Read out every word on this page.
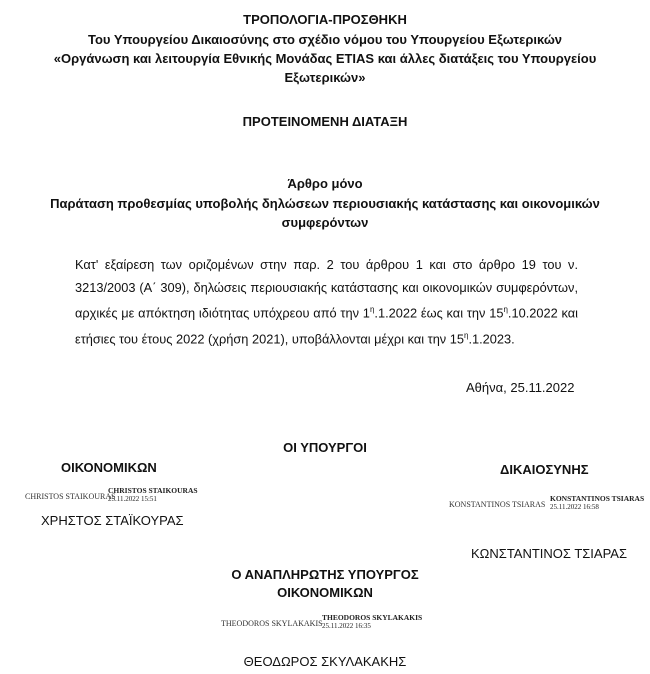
ΤΡΟΠΟΛΟΓΙΑ-ΠΡΟΣΘΗΚΗ
Του Υπουργείου Δικαιοσύνης στο σχέδιο νόμου του Υπουργείου Εξωτερικών
«Οργάνωση και λειτουργία Εθνικής Μονάδας ETIAS και άλλες διατάξεις του Υπουργείου
Εξωτερικών»
ΠΡΟΤΕΙΝΟΜΕΝΗ ΔΙΑΤΑΞΗ
Άρθρο μόνο
Παράταση προθεσμίας υποβολής δηλώσεων περιουσιακής κατάστασης και οικονομικών
συμφερόντων
Κατ' εξαίρεση των οριζομένων στην παρ. 2 του άρθρου 1 και στο άρθρο 19 του ν. 3213/2003 (Α΄ 309), δηλώσεις περιουσιακής κατάστασης και οικονομικών συμφερόντων, αρχικές με απόκτηση ιδιότητας υπόχρεου από την $1^\eta.1.2022$ έως και την $15^\eta.10.2022$ και ετήσιες του έτους 2022 (χρήση 2021), υποβάλλονται μέχρι και την $15^\eta.1.2023$.
Αθήνα, 25.11.2022
ΟΙ ΥΠΟΥΡΓΟΙ
ΟΙΚΟΝΟΜΙΚΩΝ
CHRISTOS STAIKOURAS
CHRISTOS STAIKOURAS
25.11.2022 15:51
ΧΡΗΣΤΟΣ ΣΤΑΪΚΟΥΡΑΣ
ΔΙΚΑΙΟΣΥΝΗΣ
KONSTANTINOS TSIARAS
KONSTANTINOS TSIARAS
25.11.2022 16:58
ΚΩΝΣΤΑΝΤΙΝΟΣ ΤΣΙΑΡΑΣ
Ο ΑΝΑΠΛΗΡΩΤΗΣ ΥΠΟΥΡΓΟΣ
ΟΙΚΟΝΟΜΙΚΩΝ
THEODOROS SKYLAKAKIS
THEODOROS SKYLAKAKIS
25.11.2022 16:35
ΘΕΟΔΩΡΟΣ ΣΚΥΛΑΚΑΚΗΣ
